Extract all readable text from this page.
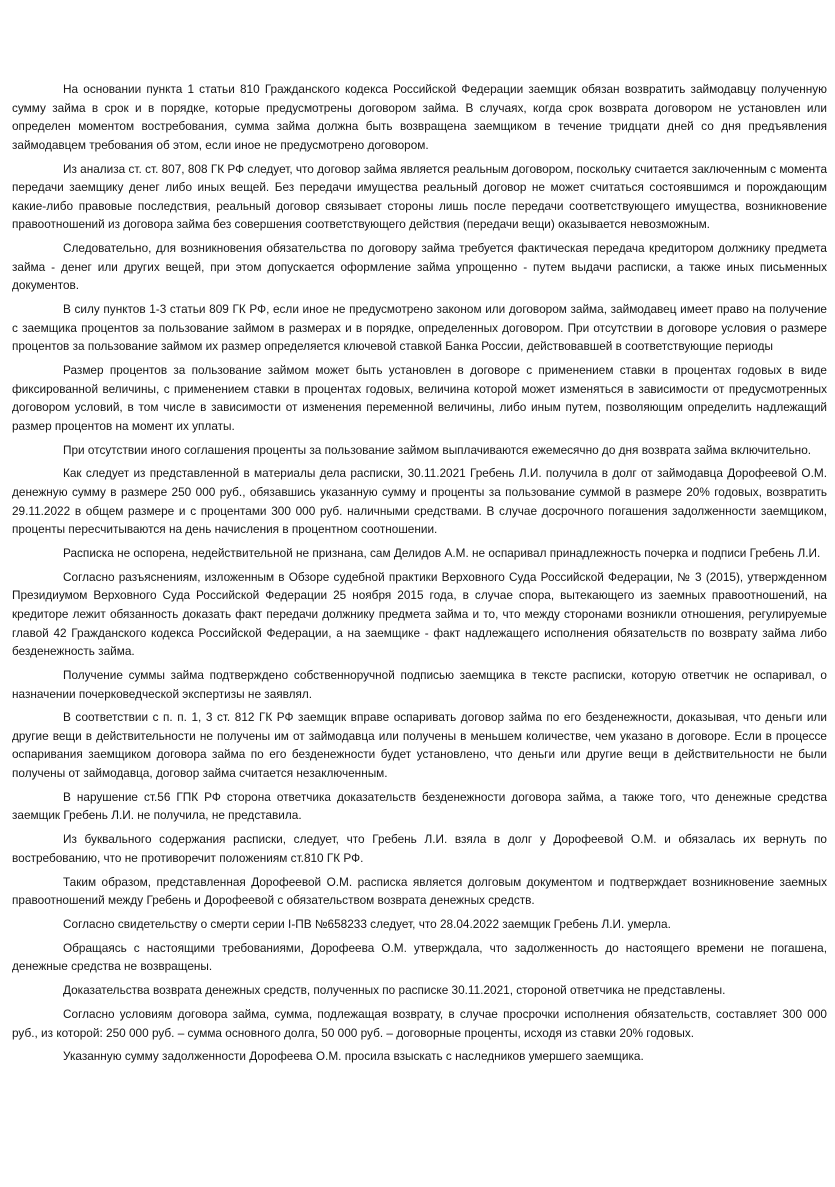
На основании пункта 1 статьи 810 Гражданского кодекса Российской Федерации заемщик обязан возвратить займодавцу полученную сумму займа в срок и в порядке, которые предусмотрены договором займа. В случаях, когда срок возврата договором не установлен или определен моментом востребования, сумма займа должна быть возвращена заемщиком в течение тридцати дней со дня предъявления займодавцем требования об этом, если иное не предусмотрено договором.

Из анализа ст. ст. 807, 808 ГК РФ следует, что договор займа является реальным договором, поскольку считается заключенным с момента передачи заемщику денег либо иных вещей. Без передачи имущества реальный договор не может считаться состоявшимся и порождающим какие-либо правовые последствия, реальный договор связывает стороны лишь после передачи соответствующего имущества, возникновение правоотношений из договора займа без совершения соответствующего действия (передачи вещи) оказывается невозможным.

Следовательно, для возникновения обязательства по договору займа требуется фактическая передача кредитором должнику предмета займа - денег или других вещей, при этом допускается оформление займа упрощенно - путем выдачи расписки, а также иных письменных документов.

В силу пунктов 1-3 статьи 809 ГК РФ, если иное не предусмотрено законом или договором займа, займодавец имеет право на получение с заемщика процентов за пользование займом в размерах и в порядке, определенных договором. При отсутствии в договоре условия о размере процентов за пользование займом их размер определяется ключевой ставкой Банка России, действовавшей в соответствующие периоды

Размер процентов за пользование займом может быть установлен в договоре с применением ставки в процентах годовых в виде фиксированной величины, с применением ставки в процентах годовых, величина которой может изменяться в зависимости от предусмотренных договором условий, в том числе в зависимости от изменения переменной величины, либо иным путем, позволяющим определить надлежащий размер процентов на момент их уплаты.

При отсутствии иного соглашения проценты за пользование займом выплачиваются ежемесячно до дня возврата займа включительно.

Как следует из представленной в материалы дела расписки, 30.11.2021 Гребень Л.И. получила в долг от займодавца Дорофеевой О.М. денежную сумму в размере 250 000 руб., обязавшись указанную сумму и проценты за пользование суммой в размере 20% годовых, возвратить 29.11.2022 в общем размере и с процентами 300 000 руб. наличными средствами. В случае досрочного погашения задолженности заемщиком, проценты пересчитываются на день начисления в процентном соотношении.

Расписка не оспорена, недействительной не признана, сам Делидов А.М. не оспаривал принадлежность почерка и подписи Гребень Л.И.

Согласно разъяснениям, изложенным в Обзоре судебной практики Верховного Суда Российской Федерации, № 3 (2015), утвержденном Президиумом Верховного Суда Российской Федерации 25 ноября 2015 года, в случае спора, вытекающего из заемных правоотношений, на кредиторе лежит обязанность доказать факт передачи должнику предмета займа и то, что между сторонами возникли отношения, регулируемые главой 42 Гражданского кодекса Российской Федерации, а на заемщике - факт надлежащего исполнения обязательств по возврату займа либо безденежность займа.

Получение суммы займа подтверждено собственноручной подписью заемщика в тексте расписки, которую ответчик не оспаривал, о назначении почерковедческой экспертизы не заявлял.

В соответствии с п. п. 1, 3 ст. 812 ГК РФ заемщик вправе оспаривать договор займа по его безденежности, доказывая, что деньги или другие вещи в действительности не получены им от займодавца или получены в меньшем количестве, чем указано в договоре. Если в процессе оспаривания заемщиком договора займа по его безденежности будет установлено, что деньги или другие вещи в действительности не были получены от займодавца, договор займа считается незаключенным.

В нарушение ст.56 ГПК РФ сторона ответчика доказательств безденежности договора займа, а также того, что денежные средства заемщик Гребень Л.И. не получила, не представила.

Из буквального содержания расписки, следует, что Гребень Л.И. взяла в долг у Дорофеевой О.М. и обязалась их вернуть по востребованию, что не противоречит положениям ст.810 ГК РФ.

Таким образом, представленная Дорофеевой О.М. расписка является долговым документом и подтверждает возникновение заемных правоотношений между Гребень и Дорофеевой с обязательством возврата денежных средств.

Согласно свидетельству о смерти серии I-ПВ №658233 следует, что 28.04.2022 заемщик Гребень Л.И. умерла.

Обращаясь с настоящими требованиями, Дорофеева О.М. утверждала, что задолженность до настоящего времени не погашена, денежные средства не возвращены.

Доказательства возврата денежных средств, полученных по расписке 30.11.2021, стороной ответчика не представлены.

Согласно условиям договора займа, сумма, подлежащая возврату, в случае просрочки исполнения обязательств, составляет 300 000 руб., из которой: 250 000 руб. – сумма основного долга, 50 000 руб. – договорные проценты, исходя из ставки 20% годовых.

Указанную сумму задолженности Дорофеева О.М. просила взыскать с наследников умершего заемщика.
